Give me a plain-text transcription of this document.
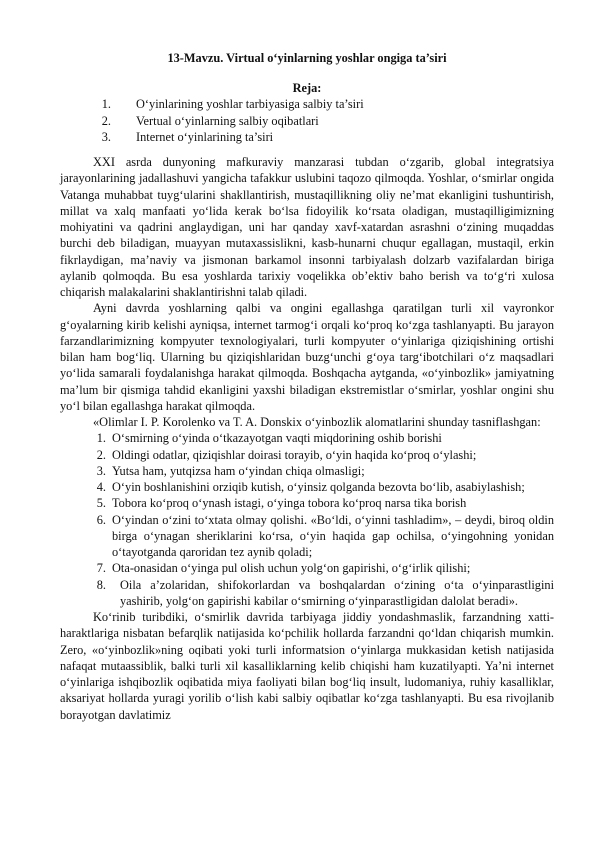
13-Mavzu. Virtual o‘yinlarning yoshlar ongiga ta’siri

Reja:

1.	O‘yinlarining yoshlar tarbiyasiga salbiy ta’siri
2.	Vertual o‘yinlarning salbiy oqibatlari
3.	Internet o‘yinlarining ta’siri

XXI asrda dunyoning mafkuraviy manzarasi tubdan o‘zgarib, global integratsiya jarayonlarining jadallashuvi yangicha tafakkur uslubini taqozo qilmoqda. Yoshlar, o‘smirlar ongida Vatanga muhabbat tuyg‘ularini shakllantirish, mustaqillikning oliy ne’mat ekanligini tushuntirish, millat va xalq manfaati yo‘lida kerak bo‘lsa fidoyilik ko‘rsata oladigan, mustaqilligimizning mohiyatini va qadrini anglaydigan, uni har qanday xavf-xatardan asrashni o‘zining muqaddas burchi deb biladigan, muayyan mutaxassislikni, kasb-hunarni chuqur egallagan, mustaqil, erkin fikrlaydigan, ma’naviy va jismonan barkamol insonni tarbiyalash dolzarb vazifalardan biriga aylanib qolmoqda. Bu esa yoshlarda tarixiy voqelikka ob’ektiv baho berish va to‘g‘ri xulosa chiqarish malakalarini shaklantirishni talab qiladi.

Ayni davrda yoshlarning qalbi va ongini egallashga qaratilgan turli xil vayronkor g‘oyalarning kirib kelishi ayniqsa, internet tarmog‘i orqali ko‘proq ko‘zga tashlanyapti. Bu jarayon farzandlarimizning kompyuter texnologiyalari, turli kompyuter o‘yinlariga qiziqishining ortishi bilan ham bog‘liq. Ularning bu qiziqishlaridan buzg‘unchi g‘oya targ‘ibotchilari o‘z maqsadlari yo‘lida samarali foydalanishga harakat qilmoqda. Boshqacha aytganda, «o‘yinbozlik» jamiyatning ma’lum bir qismiga tahdid ekanligini yaxshi biladigan ekstremistlar o‘smirlar, yoshlar ongini shu yo‘l bilan egallashga harakat qilmoqda.

«Olimlar I. P. Korolenko va T. A. Donskix o‘yinbozlik alomatlarini shunday tasniflashgan:

1. O‘smirning o‘yinda o‘tkazayotgan vaqti miqdorining oshib borishi
2. Oldingi odatlar, qiziqishlar doirasi torayib, o‘yin haqida ko‘proq o‘ylashi;
3. Yutsa ham, yutqizsa ham o‘yindan chiqa olmasligi;
4. O‘yin boshlanishini orziqib kutish, o‘yinsiz qolganda bezovta bo‘lib, asabiylashish;
5. Tobora ko‘proq o‘ynash istagi, o‘yinga tobora ko‘proq narsa tika borish
6. O‘yindan o‘zini to‘xtata olmay qolishi. «Bo‘ldi, o‘yinni tashladim», – deydi, biroq oldin birga o‘ynagan sheriklarini ko‘rsa, o‘yin haqida gap ochilsa, o‘yingohning yonidan o‘tayotganda qaroridan tez aynib qoladi;
7. Ota-onasidan o‘yinga pul olish uchun yolg‘on gapirishi, o‘g‘irlik qilishi;
8.	Oila a’zolaridan, shifokorlardan va boshqalardan o‘zining o‘ta o‘yinparastligini yashirib, yolg‘on gapirishi kabilar o‘smirning o‘yinparastligidan dalolat beradi».

Ko‘rinib turibdiki, o‘smirlik davrida tarbiyaga jiddiy yondashmaslik, farzandning xatti-haraktlariga nisbatan befarqlik natijasida ko‘pchilik hollarda farzandni qo‘ldan chiqarish mumkin. Zero, «o‘yinbozlik»ning oqibati yoki turli informatsion o‘yinlarga mukkasidan ketish natijasida nafaqat mutaassiblik, balki turli xil kasalliklarning kelib chiqishi ham kuzatilyapti. Ya’ni internet o‘yinlariga ishqibozlik oqibatida miya faoliyati bilan bog‘liq insult, ludomaniya, ruhiy kasalliklar, aksariyat hollarda yuragi yorilib o‘lish kabi salbiy oqibatlar ko‘zga tashlanyapti. Bu esa rivojlanib borayotgan davlatimiz
